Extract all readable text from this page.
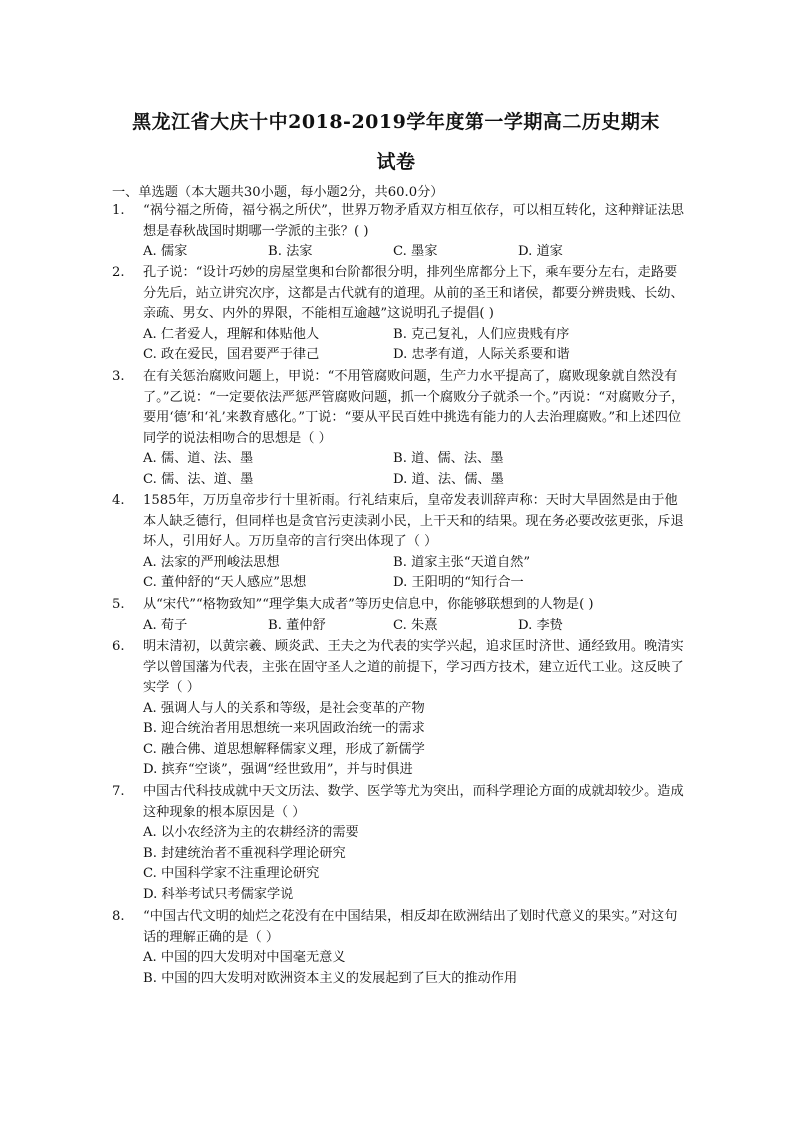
黑龙江省大庆十中2018-2019学年度第一学期高二历史期末
试卷
一、单选题（本大题共30小题，每小题2分，共60.0分）
1.	“祸兮福之所倚，福兮祸之所伏”，世界万物矛盾双方相互依存，可以相互转化，这种辩证法思想是春秋战国时期哪一学派的主张？( )
A. 儒家	B. 法家	C. 墨家	D. 道家
2.	孔子说：“设计巧妙的房屋堂奥和台阶都很分明，排列坐席都分上下，乘车要分左右，走路要分先后，站立讲究次序，这都是古代就有的道理。从前的圣王和诸侯，都要分辨贵贱、长幼、亲疏、男女、内外的界限，不能相互逾越”这说明孔子提倡( )
A. 仁者爱人，理解和体贴他人	B. 克己复礼，人们应贵贱有序
C. 政在爱民，国君要严于律己	D. 忠孝有道，人际关系要和谐
3.	在有关惩治腐败问题上，甲说：“不用管腐败问题，生产力水平提高了，腐败现象就自然没有了。”乙说：“一定要依法严惩严管腐败问题，抓一个腐败分子就杀一个。”丙说：“对腐败分子，要用‘德’和‘礼’来教育感化。”丁说：“要从平民百姓中挑选有能力的人去治理腐败。”和上述四位同学的说法相吻合的思想是（ ）
A. 儒、道、法、墨	B. 道、儒、法、墨
C. 儒、法、道、墨	D. 道、法、儒、墨
4.	1585年，万历皇帝步行十里祈雨。行礼结束后，皇帝发表训辞声称：天时大旱固然是由于他本人缺乏德行，但同样也是贪官污吏渎剥小民，上干天和的结果。现在务必要改弦更张，斥退坏人，引用好人。万历皇帝的言行突出体现了（ ）
A. 法家的严刑峻法思想	B. 道家主张“天道自然”
C. 董仲舒的“天人感应”思想	D. 王阳明的“知行合一
5.	从“宋代”“格物致知”“理学集大成者”等历史信息中，你能够联想到的人物是( )
A. 荀子	B. 董仲舒	C. 朱熹	D. 李贽
6.	明末清初，以黄宗羲、顾炎武、王夫之为代表的实学兴起，追求匡时济世、通经致用。晚清实学以曾国藩为代表，主张在固守圣人之道的前提下，学习西方技术，建立近代工业。这反映了实学（ ）
A. 强调人与人的关系和等级，是社会变革的产物
B. 迎合统治者用思想统一来巩固政治统一的需求
C. 融合佛、道思想解释儒家义理，形成了新儒学
D. 摈弃“空谈”，强调“经世致用”，并与时俱进
7.	中国古代科技成就中天文历法、数学、医学等尤为突出，而科学理论方面的成就却较少。造成这种现象的根本原因是（ ）
A. 以小农经济为主的农耕经济的需要
B. 封建统治者不重视科学理论研究
C. 中国科学家不注重理论研究
D. 科举考试只考儒家学说
8.	“中国古代文明的灿烂之花没有在中国结果，相反却在欧洲结出了划时代意义的果实。”对这句话的理解正确的是（ ）
A. 中国的四大发明对中国毫无意义
B. 中国的四大发明对欧洲资本主义的发展起到了巨大的推动作用
